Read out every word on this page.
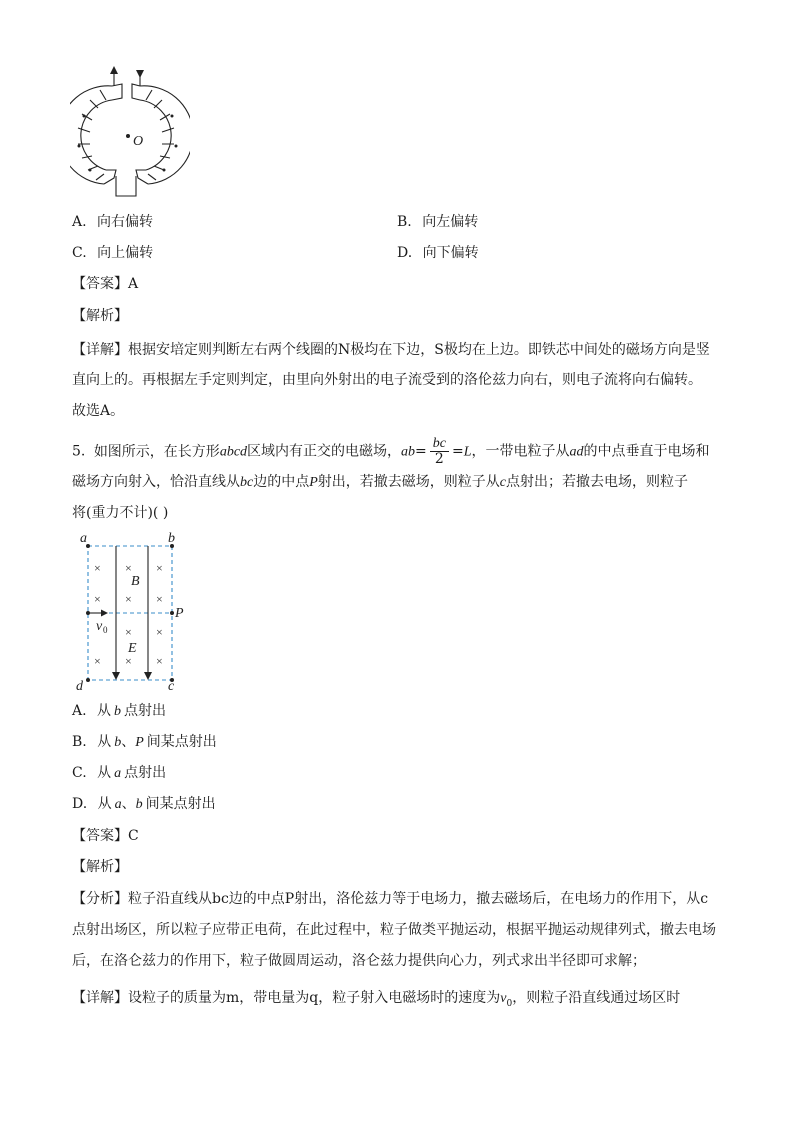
O
A. 向右偏转	B. 向左偏转
C. 向上偏转	D. 向下偏转
【答案】A
【解析】
【详解】根据安培定则判断左右两个线圈的N极均在下边，S极均在上边。即铁芯中间处的磁场方向是竖
直向上的。再根据左手定则判定，由里向外射出的电子流受到的洛伦兹力向右，则电子流将向右偏转。
故选A。
5. 如图所示，在长方形abcd区域内有正交的电磁场，$ab= \frac{bc}{2} =L$，一带电粒子从ad的中点垂直于电场和
磁场方向射入，恰沿直线从bc边的中点P射出，若撤去磁场，则粒子从c点射出；若撤去电场，则粒子
将(重力不计)( )
× × ×
× × ×
× ×
× × ×
a	b
d	c
P
B
E
v 0
A. 从 b 点射出
B. 从 b、P 间某点射出
C. 从 a 点射出
D. 从 a、b 间某点射出
【答案】C
【解析】
【分析】粒子沿直线从bc边的中点P射出，洛伦兹力等于电场力，撤去磁场后，在电场力的作用下，从c
点射出场区，所以粒子应带正电荷，在此过程中，粒子做类平抛运动，根据平抛运动规律列式，撤去电场
后，在洛仑兹力的作用下，粒子做圆周运动，洛仑兹力提供向心力，列式求出半径即可求解；
【详解】设粒子的质量为m，带电量为q，粒子射入电磁场时的速度为$v_0$，则粒子沿直线通过场区时
